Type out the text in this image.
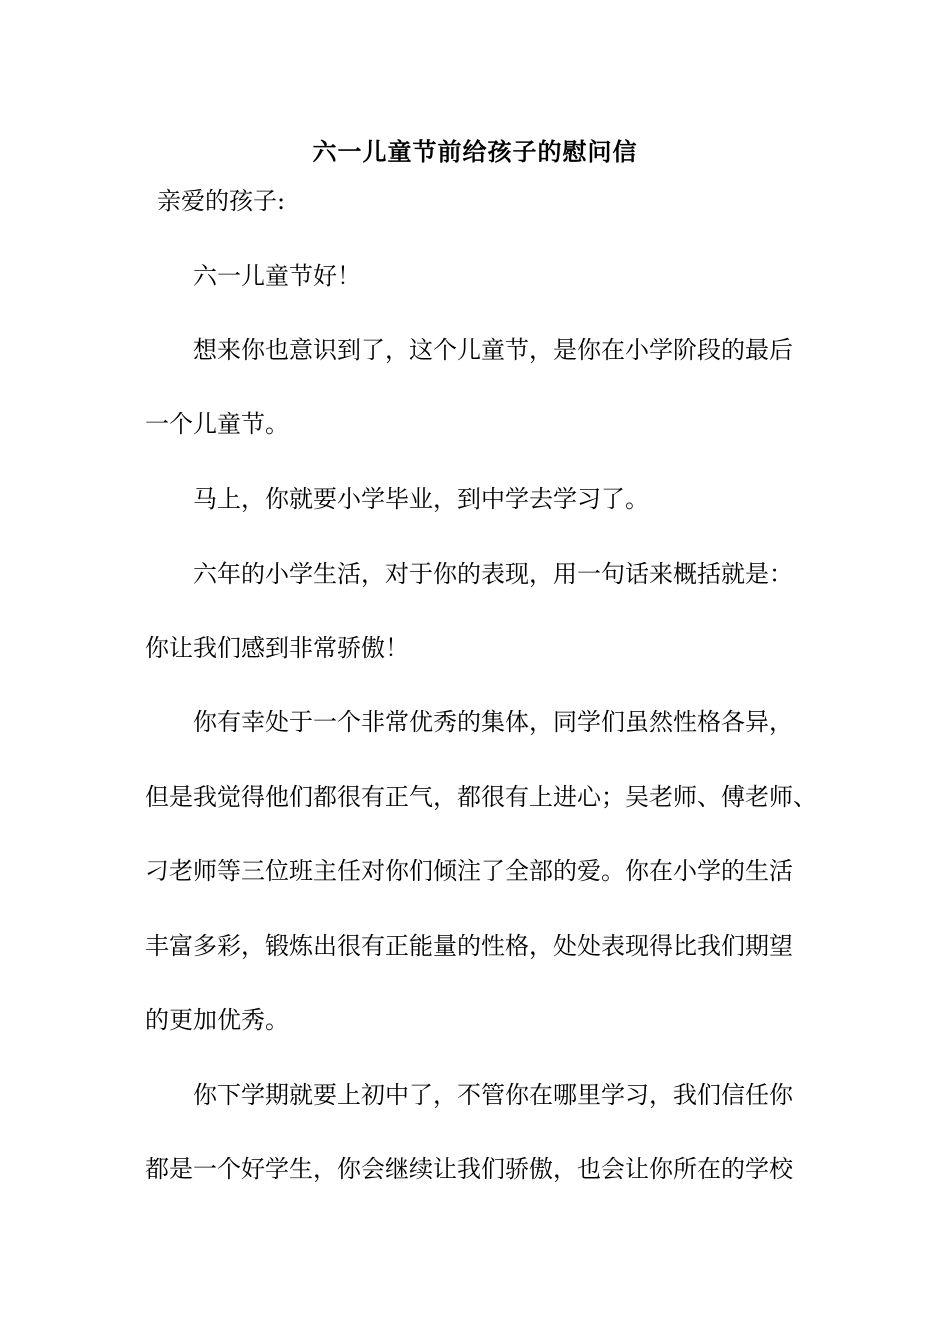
六一儿童节前给孩子的慰问信
亲爱的孩子:
六一儿童节好！
想来你也意识到了，这个儿童节，是你在小学阶段的最后
一个儿童节。
马上，你就要小学毕业，到中学去学习了。
六年的小学生活，对于你的表现，用一句话来概括就是：
你让我们感到非常骄傲！
你有幸处于一个非常优秀的集体，同学们虽然性格各异，
但是我觉得他们都很有正气，都很有上进心；吴老师、傅老师、
刁老师等三位班主任对你们倾注了全部的爱。你在小学的生活
丰富多彩，锻炼出很有正能量的性格，处处表现得比我们期望
的更加优秀。
你下学期就要上初中了，不管你在哪里学习，我们信任你
都是一个好学生，你会继续让我们骄傲，也会让你所在的学校
